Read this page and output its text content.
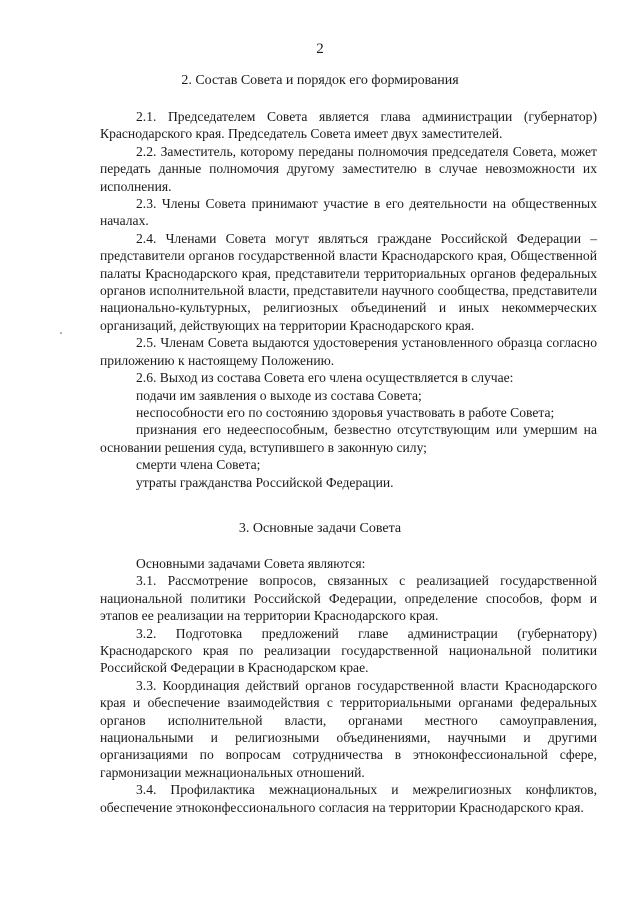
2
2. Состав Совета и порядок его формирования

2.1. Председателем Совета является глава администрации (губернатор) Краснодарского края. Председатель Совета имеет двух заместителей.

2.2. Заместитель, которому переданы полномочия председателя Совета, может передать данные полномочия другому заместителю в случае невозможности их исполнения.

2.3. Члены Совета принимают участие в его деятельности на общественных началах.

2.4. Членами Совета могут являться граждане Российской Федерации – представители органов государственной власти Краснодарского края, Общественной палаты Краснодарского края, представители территориальных органов федеральных органов исполнительной власти, представители научного сообщества, представители национально-культурных, религиозных объединений и иных некоммерческих организаций, действующих на территории Краснодарского края.

2.5. Членам Совета выдаются удостоверения установленного образца согласно приложению к настоящему Положению.

2.6. Выход из состава Совета его члена осуществляется в случае:

подачи им заявления о выходе из состава Совета;

неспособности его по состоянию здоровья участвовать в работе Совета;

признания его недееспособным, безвестно отсутствующим или умершим на основании решения суда, вступившего в законную силу;

смерти члена Совета;

утраты гражданства Российской Федерации.

3. Основные задачи Совета

Основными задачами Совета являются:

3.1. Рассмотрение вопросов, связанных с реализацией государственной национальной политики Российской Федерации, определение способов, форм и этапов ее реализации на территории Краснодарского края.

3.2. Подготовка предложений главе администрации (губернатору) Краснодарского края по реализации государственной национальной политики Российской Федерации в Краснодарском крае.

3.3. Координация действий органов государственной власти Краснодарского края и обеспечение взаимодействия с территориальными органами федеральных органов исполнительной власти, органами местного самоуправления, национальными и религиозными объединениями, научными и другими организациями по вопросам сотрудничества в этноконфессиональной сфере, гармонизации межнациональных отношений.

3.4. Профилактика межнациональных и межрелигиозных конфликтов, обеспечение этноконфессионального согласия на территории Краснодарского края.
